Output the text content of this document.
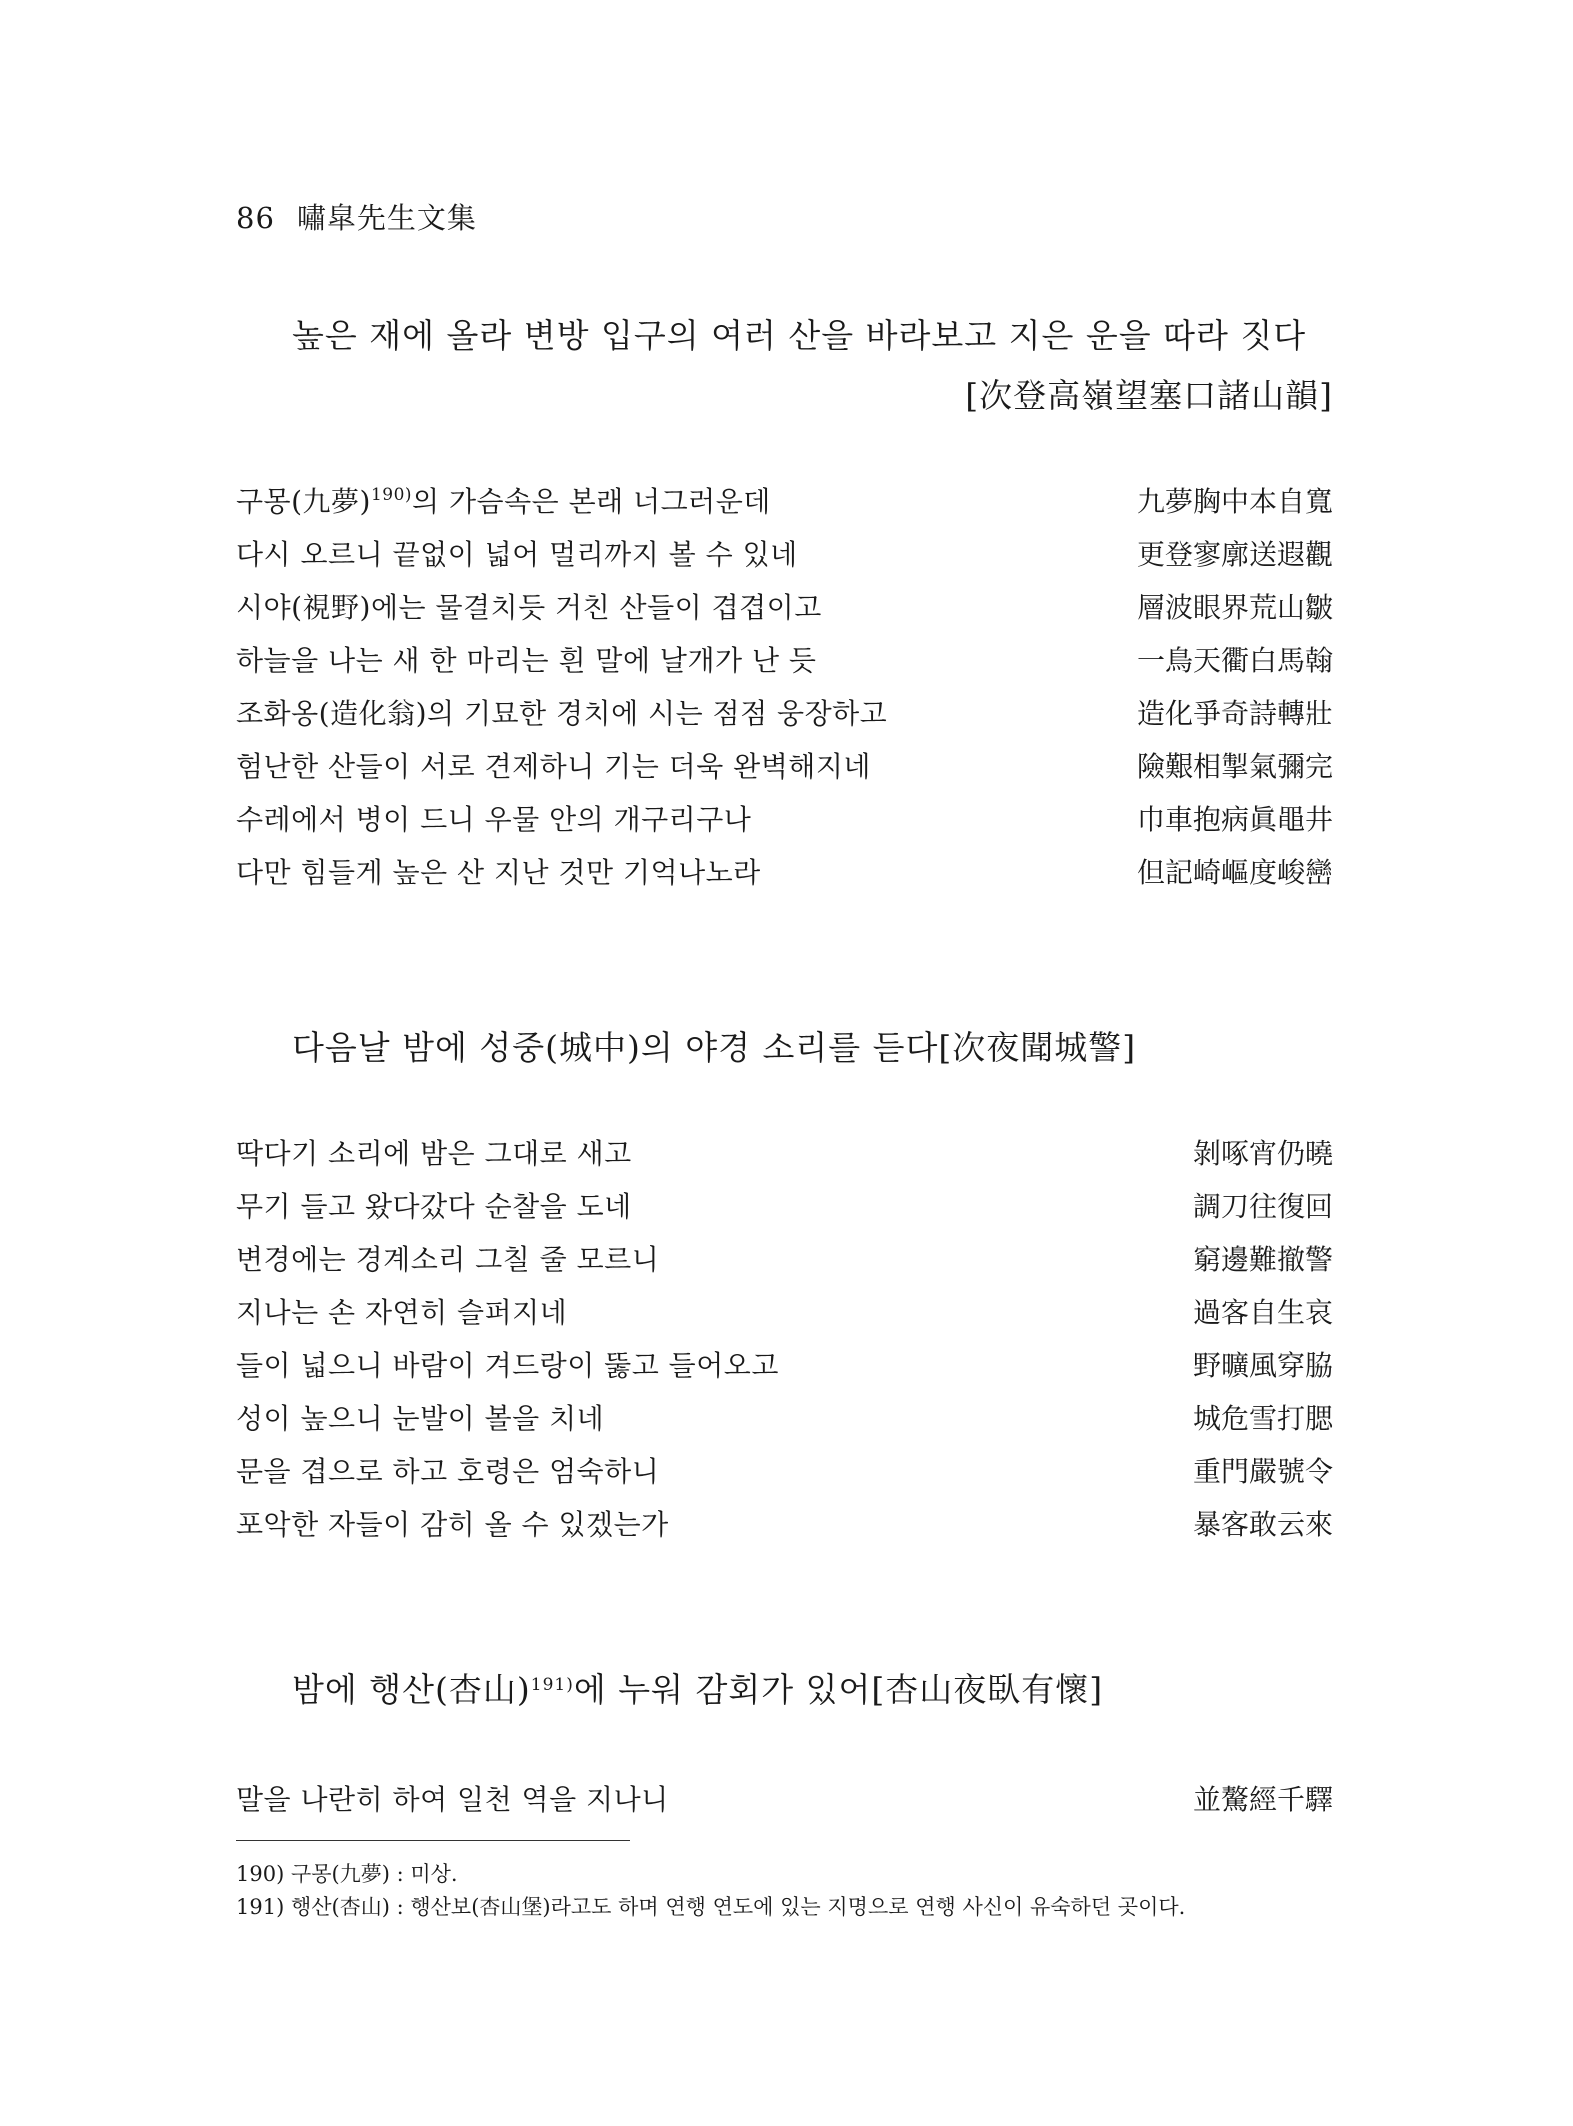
86 嘯皐先生文集
높은 재에 올라 변방 입구의 여러 산을 바라보고 지은 운을 따라 짓다
[次登高嶺望塞口諸山韻]
구몽(九夢)$^{190)}$의 가슴속은 본래 너그러운데	九夢胸中本自寬
다시 오르니 끝없이 넓어 멀리까지 볼 수 있네	更登寥廓送遐觀
시야(視野)에는 물결치듯 거친 산들이 겹겹이고	層波眼界荒山皺
하늘을 나는 새 한 마리는 흰 말에 날개가 난 듯	一鳥天衢白馬翰
조화옹(造化翁)의 기묘한 경치에 시는 점점 웅장하고	造化爭奇詩轉壯
험난한 산들이 서로 견제하니 기는 더욱 완벽해지네	險艱相掣氣彌完
수레에서 병이 드니 우물 안의 개구리구나	巾車抱病眞黽井
다만 힘들게 높은 산 지난 것만 기억나노라	但記崎嶇度峻巒
다음날 밤에 성중(城中)의 야경 소리를 듣다[次夜聞城警]
딱다기 소리에 밤은 그대로 새고	剝啄宵仍曉
무기 들고 왔다갔다 순찰을 도네	調刀往復回
변경에는 경계소리 그칠 줄 모르니	窮邊難撤警
지나는 손 자연히 슬퍼지네	過客自生哀
들이 넓으니 바람이 겨드랑이 뚫고 들어오고	野曠風穿脇
성이 높으니 눈발이 볼을 치네	城危雪打腮
문을 겹으로 하고 호령은 엄숙하니	重門嚴號令
포악한 자들이 감히 올 수 있겠는가	暴客敢云來
밤에 행산(杏山)$^{191)}$에 누워 감회가 있어[杏山夜臥有懷]
말을 나란히 하여 일천 역을 지나니	並驁經千驛
190) 구몽(九夢) : 미상.
191) 행산(杏山) : 행산보(杏山堡)라고도 하며 연행 연도에 있는 지명으로 연행 사신이 유숙하던 곳이다.
